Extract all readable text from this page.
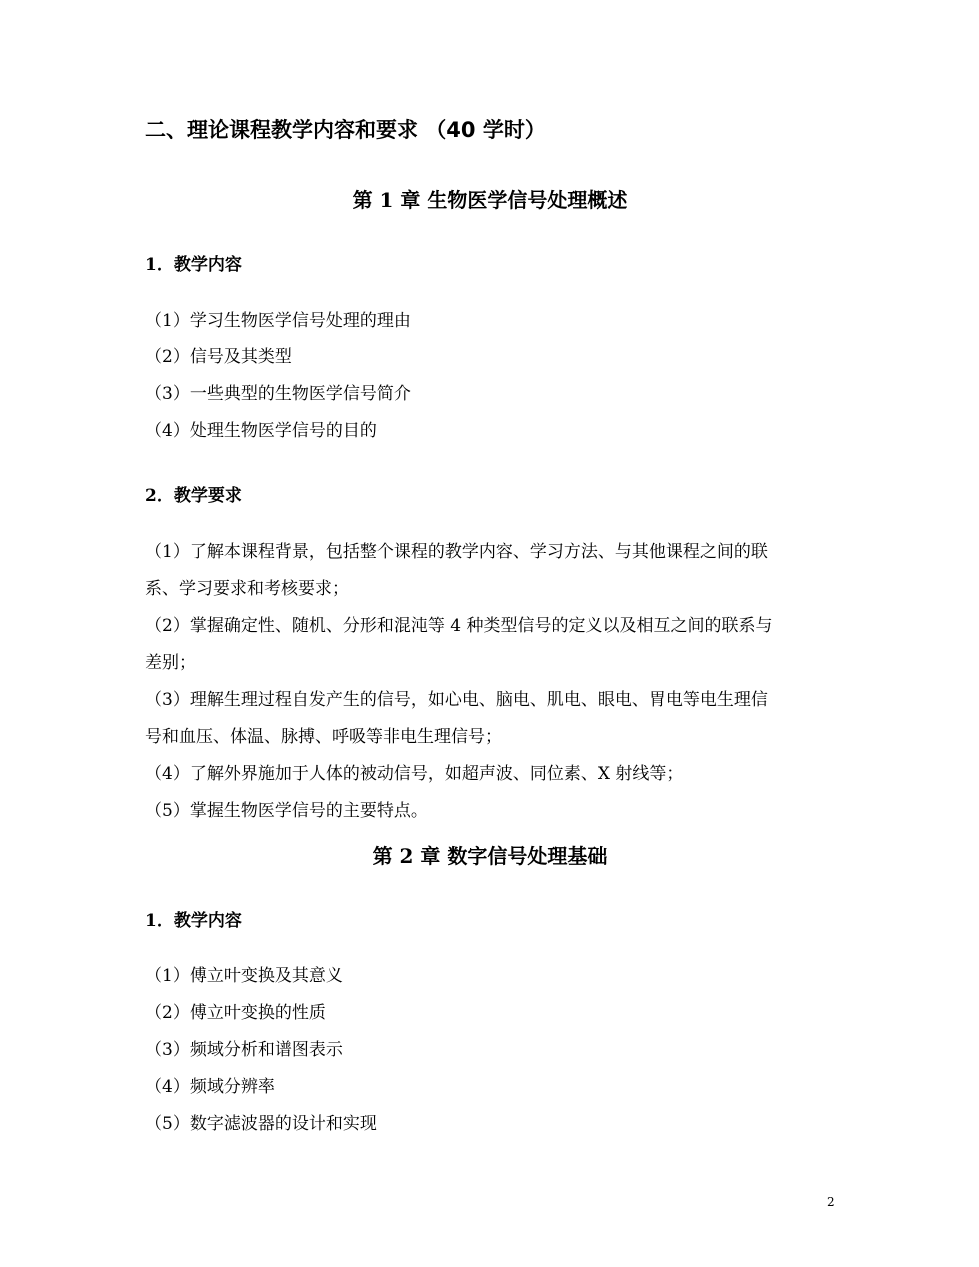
二、理论课程教学内容和要求 （40 学时）
第 1 章 生物医学信号处理概述
1．教学内容
（1）学习生物医学信号处理的理由
（2）信号及其类型
（3）一些典型的生物医学信号简介
（4）处理生物医学信号的目的
2．教学要求
（1）了解本课程背景，包括整个课程的教学内容、学习方法、与其他课程之间的联
系、学习要求和考核要求；
（2）掌握确定性、随机、分形和混沌等 4 种类型信号的定义以及相互之间的联系与
差别；
（3）理解生理过程自发产生的信号，如心电、脑电、肌电、眼电、胃电等电生理信
号和血压、体温、脉搏、呼吸等非电生理信号；
（4）了解外界施加于人体的被动信号，如超声波、同位素、X 射线等；
（5）掌握生物医学信号的主要特点。
第 2 章 数字信号处理基础
1．教学内容
（1）傅立叶变换及其意义
（2）傅立叶变换的性质
（3）频域分析和谱图表示
（4）频域分辨率
（5）数字滤波器的设计和实现
2
